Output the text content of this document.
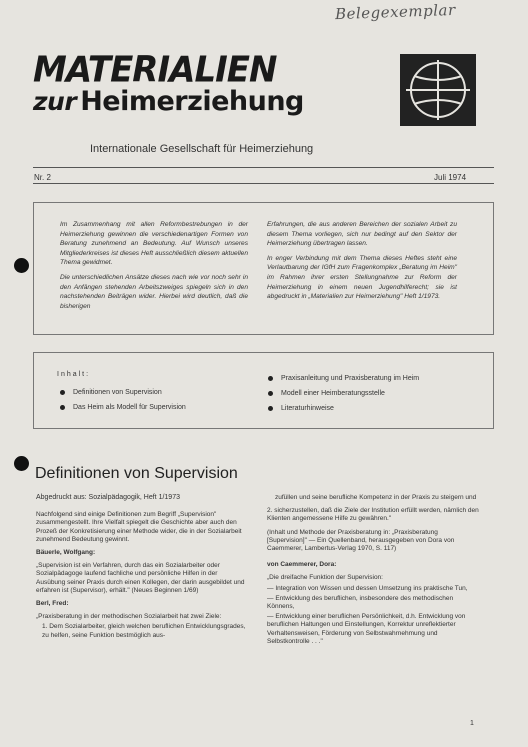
Belegexemplar
MATERIALIEN
zur Heimerziehung
Internationale Gesellschaft für Heimerziehung
Nr. 2	Juli 1974

Im Zusammenhang mit allen Reformbestrebungen in der Heimerziehung gewinnen die verschiedenartigen Formen von Beratung zunehmend an Bedeutung. Auf Wunsch unseres Mitgliederkreises ist dieses Heft ausschließlich diesem aktuellen Thema gewidmet.

Die unterschiedlichen Ansätze dieses nach wie vor noch sehr in den Anfängen stehenden Arbeitszweiges spiegeln sich in den nachstehenden Beiträgen wider. Hierbei wird deutlich, daß die bisherigen

Erfahrungen, die aus anderen Bereichen der sozialen Arbeit zu diesem Thema vorliegen, sich nur bedingt auf den Sektor der Heimerziehung übertragen lassen.

In enger Verbindung mit dem Thema dieses Heftes steht eine Verlautbarung der IGfH zum Fragenkomplex „Beratung im Heim" im Rahmen ihrer ersten Stellungnahme zur Reform der Heimerziehung in einem neuen Jugendhilferecht; sie ist abgedruckt in „Materialien zur Heimerziehung" Heft 1/1973.

Inhalt:
Definitionen von Supervision
Das Heim als Modell für Supervision
Praxisanleitung und Praxisberatung im Heim
Modell einer Heimberatungsstelle
Literaturhinweise
Definitionen von Supervision

Abgedruckt aus: Sozialpädagogik, Heft 1/1973

Nachfolgend sind einige Definitionen zum Begriff „Supervision" zusammengestellt. Ihre Vielfalt spiegelt die Geschichte aber auch den Prozeß der Konkretisierung einer Methode wider, die in der Sozialarbeit zunehmend Bedeutung gewinnt.

Bäuerle, Wolfgang:

„Supervision ist ein Verfahren, durch das ein Sozialarbeiter oder Sozialpädagoge laufend fachliche und persönliche Hilfen in der Ausübung seiner Praxis durch einen Kollegen, der darin ausgebildet und erfahren ist (Supervisor), erhält." (Neues Beginnen 1/69)

Berl, Fred:

„Praxisberatung in der methodischen Sozialarbeit hat zwei Ziele:

1. Dem Sozialarbeiter, gleich welchen beruflichen Entwicklungsgrades, zu helfen, seine Funktion bestmöglich aus-

zufüllen und seine berufliche Kompetenz in der Praxis zu steigern und

2. sicherzustellen, daß die Ziele der Institution erfüllt werden, nämlich den Klienten angemessene Hilfe zu gewähren."

(Inhalt und Methode der Praxisberatung in: „Praxisberatung [Supervision]" — Ein Quellenband, herausgegeben von Dora von Caemmerer, Lambertus-Verlag 1970, S. 117)

von Caemmerer, Dora:

„Die dreifache Funktion der Supervision:

— Integration von Wissen und dessen Umsetzung ins praktische Tun,

— Entwicklung des beruflichen, insbesondere des methodischen Könnens,

— Entwicklung einer beruflichen Persönlichkeit, d.h. Entwicklung von beruflichen Haltungen und Einstellungen, Korrektur unreflektierter Verhaltensweisen, Förderung von Selbstwahrnehmung und Selbstkontrolle . . ."

1
